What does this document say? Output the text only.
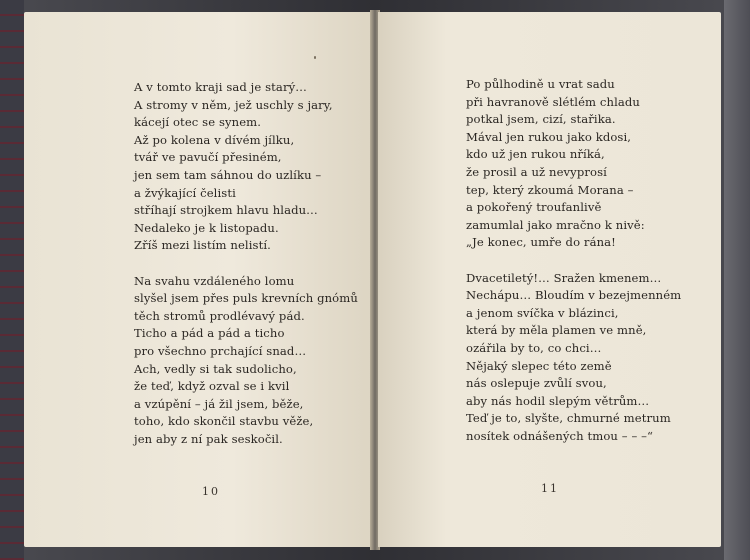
A v tomto kraji sad je starý…
A stromy v něm, jež uschly s jary,
kácejí otec se synem.
Až po kolena v dívém jílku,
tvář ve pavučí přesiném,
jen sem tam sáhnou do uzlíku –
a žvýkající čelisti
stříhají strojkem hlavu hladu…
Nedaleko je k listopadu.
Zříš mezi listím nelistí.
Na svahu vzdáleného lomu
slyšel jsem přes puls krevních gnómů
těch stromů prodlévavý pád.
Ticho a pád a pád a ticho
pro všechno prchající snad…
Ach, vedly si tak sudolicho,
že teď, když ozval se i kvil
a vzúpění – já žil jsem, běže,
toho, kdo skončil stavbu věže,
jen aby z ní pak seskočil.
10
Po půlhodině u vrat sadu
při havranově slétlém chladu
potkal jsem, cizí, stařika.
Mával jen rukou jako kdosi,
kdo už jen rukou nříká,
že prosil a už nevyprosí
tep, který zkoumá Morana –
a pokořený troufanlivě
zamumlal jako mračno k nivě:
„Je konec, umře do rána!
Dvacetiletý!… Sražen kmenem…
Nechápu… Bloudím v bezejmenném
a jenom svíčka v blázinci,
která by měla plamen ve mně,
ozářila by to, co chci…
Nějaký slepec této země
nás oslepuje zvůlí svou,
aby nás hodil slepým větrům…
Teď je to, slyšte, chmurné metrum
nosítek odnášených tmou – – –“
11
